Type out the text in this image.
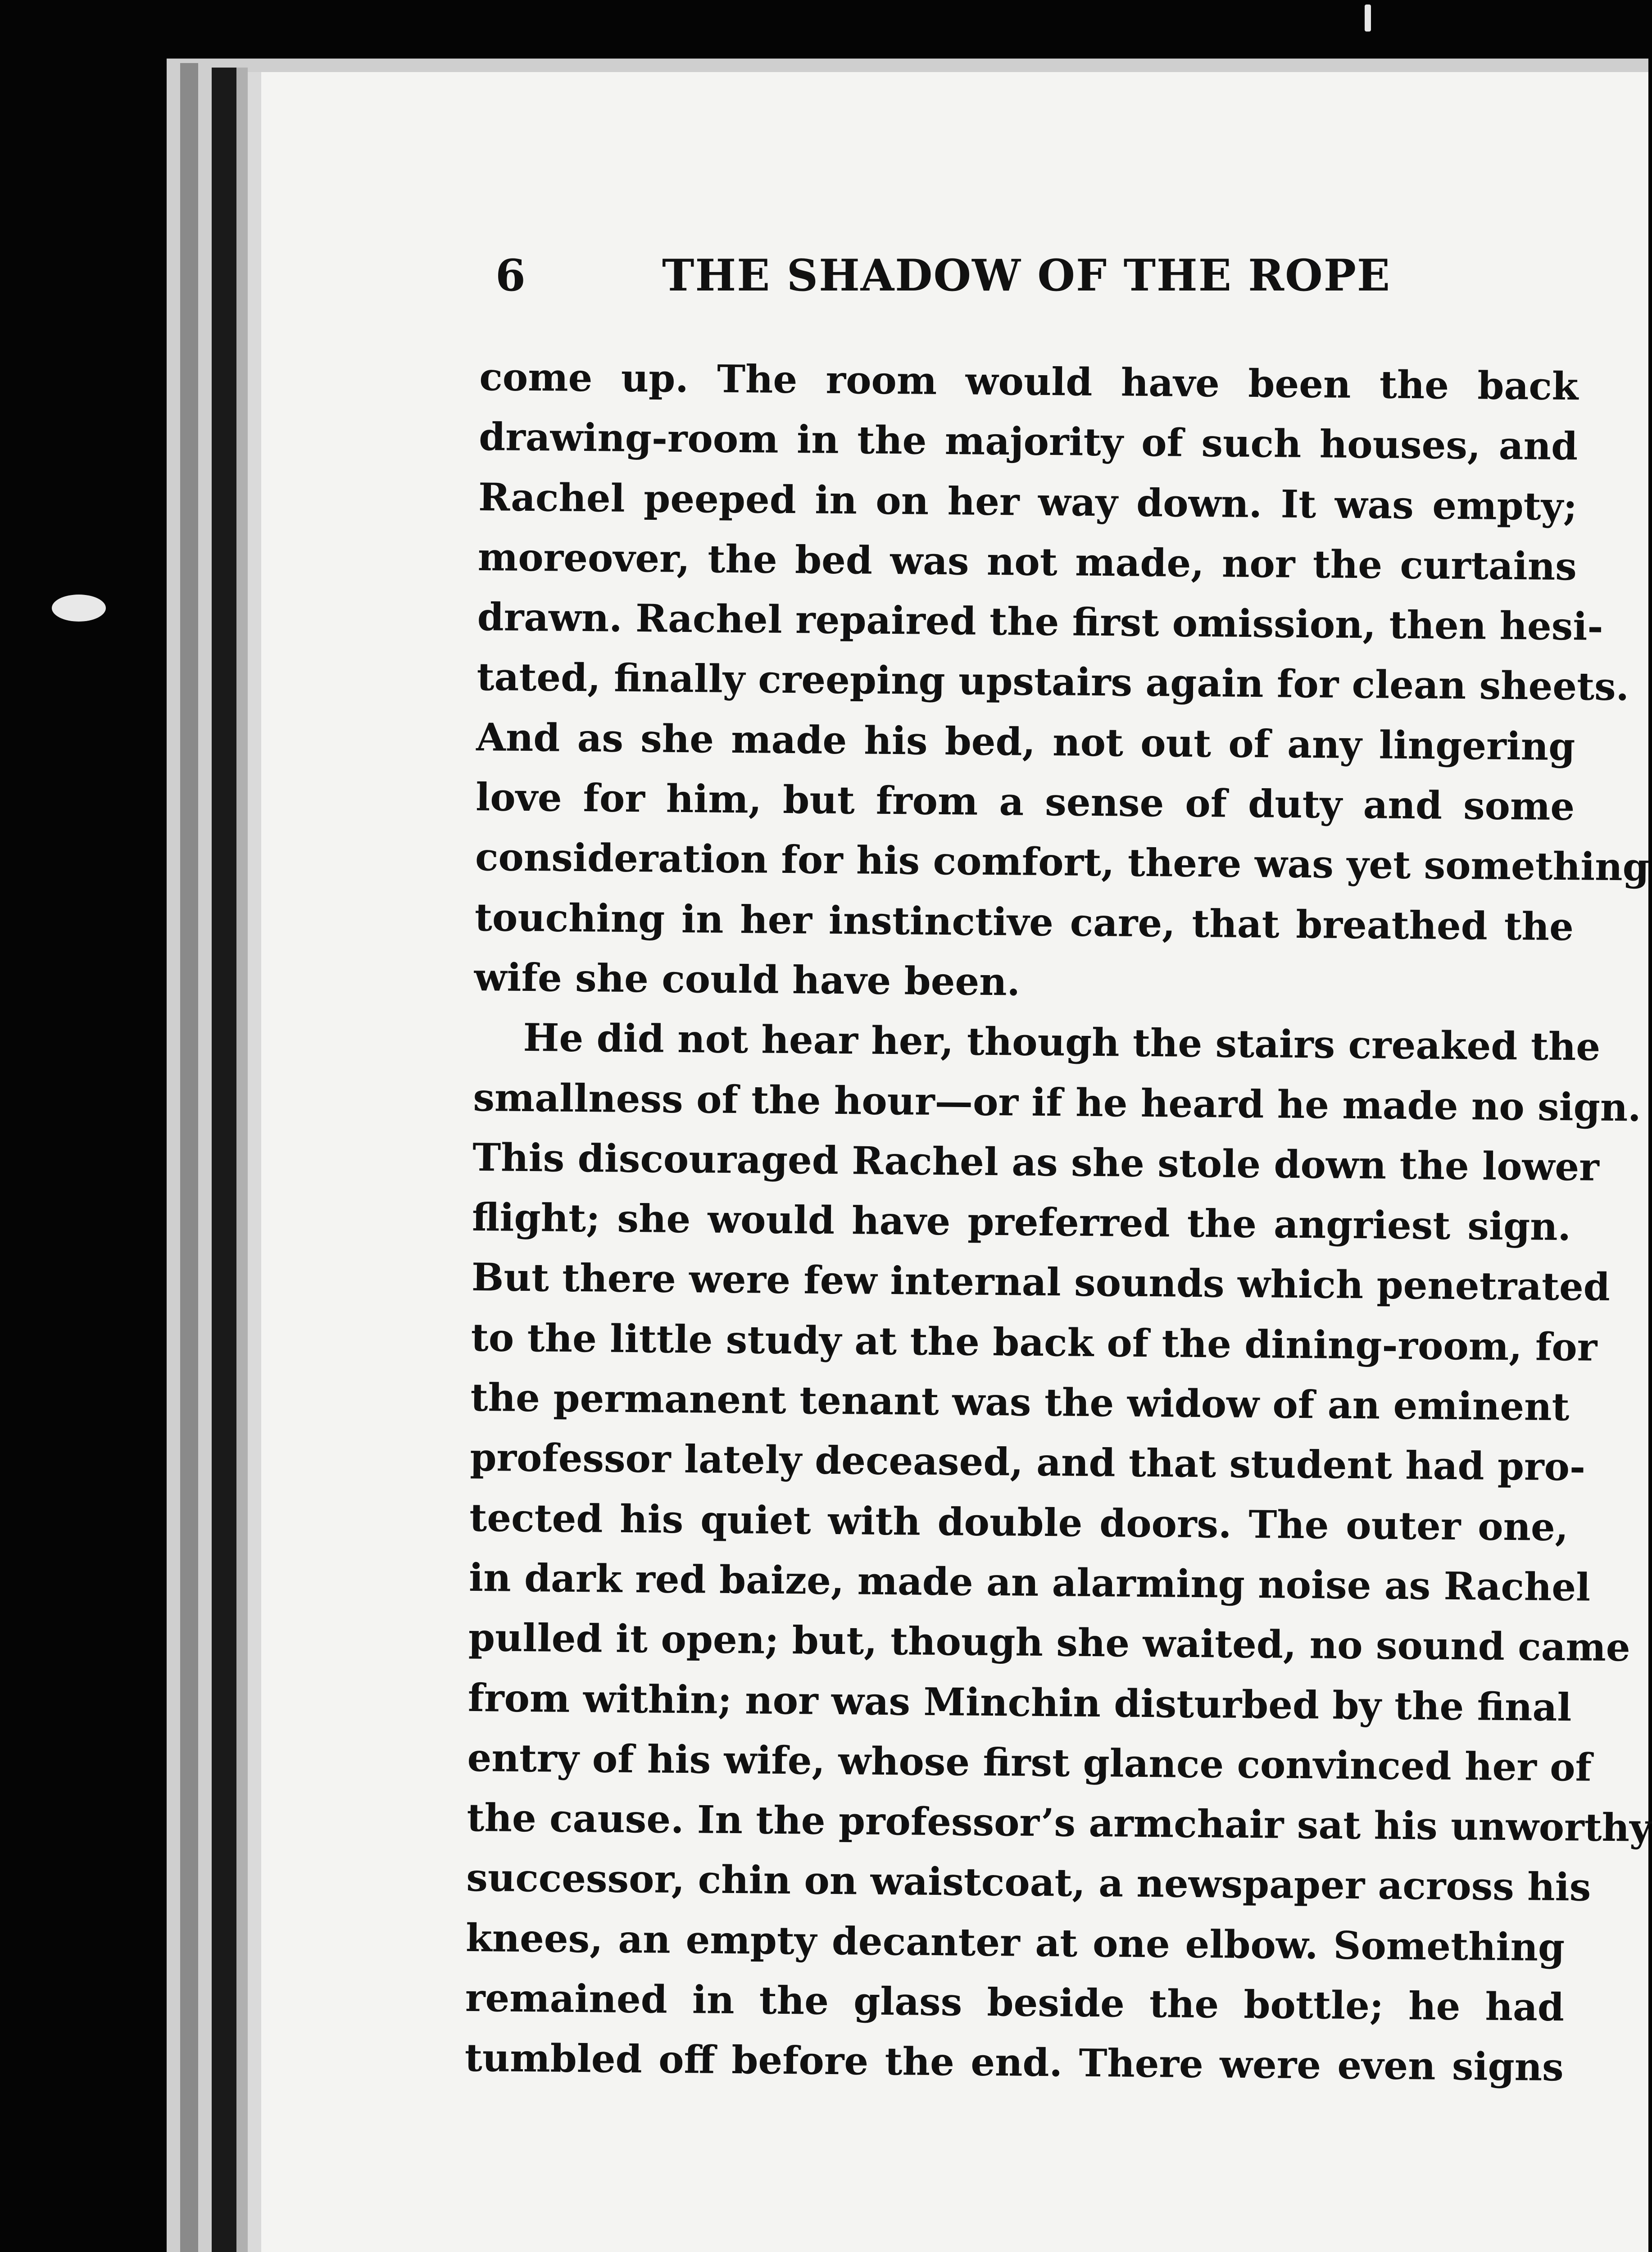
6	THE SHADOW OF THE ROPE
come up. The room would have been the back
drawing-room in the majority of such houses, and
Rachel peeped in on her way down. It was empty;
moreover, the bed was not made, nor the curtains
drawn. Rachel repaired the first omission, then hesi-
tated, finally creeping upstairs again for clean sheets.
And as she made his bed, not out of any lingering
love for him, but from a sense of duty and some
consideration for his comfort, there was yet something
touching in her instinctive care, that breathed the
wife she could have been.
He did not hear her, though the stairs creaked the
smallness of the hour—or if he heard he made no sign.
This discouraged Rachel as she stole down the lower
flight; she would have preferred the angriest sign.
But there were few internal sounds which penetrated
to the little study at the back of the dining-room, for
the permanent tenant was the widow of an eminent
professor lately deceased, and that student had pro-
tected his quiet with double doors. The outer one,
in dark red baize, made an alarming noise as Rachel
pulled it open; but, though she waited, no sound came
from within; nor was Minchin disturbed by the final
entry of his wife, whose first glance convinced her of
the cause. In the professor’s armchair sat his unworthy
successor, chin on waistcoat, a newspaper across his
knees, an empty decanter at one elbow. Something
remained in the glass beside the bottle; he had
tumbled off before the end. There were even signs
